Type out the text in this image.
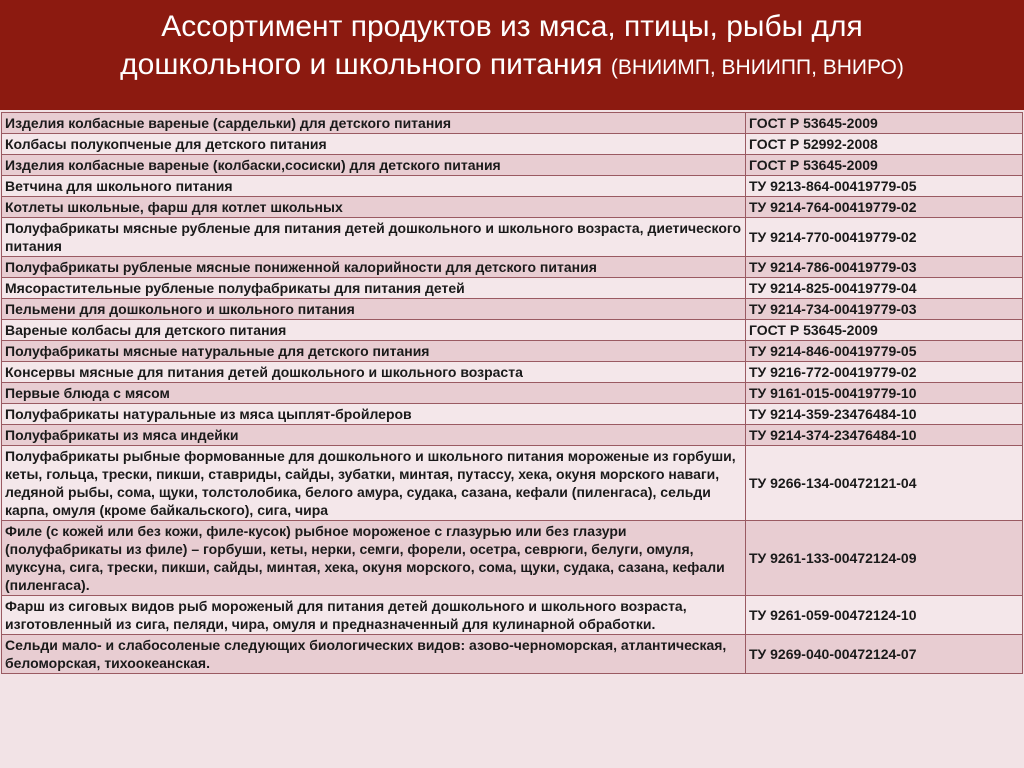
Ассортимент продуктов из мяса, птицы, рыбы для
дошкольного и школьного питания (ВНИИМП, ВНИИПП, ВНИРО)
Изделия колбасные вареные (сардельки) для детского питания	ГОСТ Р 53645-2009
Колбасы полукопченые для детского питания	ГОСТ Р 52992-2008
Изделия колбасные вареные (колбаски,сосиски) для детского питания	ГОСТ Р 53645-2009
Ветчина для школьного питания	ТУ 9213-864-00419779-05
Котлеты школьные, фарш для котлет школьных	ТУ 9214-764-00419779-02
Полуфабрикаты мясные рубленые для питания детей дошкольного и школьного возраста, диетического питания	ТУ 9214-770-00419779-02
Полуфабрикаты рубленые мясные пониженной калорийности для детского питания	ТУ 9214-786-00419779-03
Мясорастительные рубленые полуфабрикаты для питания детей	ТУ 9214-825-00419779-04
Пельмени для дошкольного и школьного питания	ТУ 9214-734-00419779-03
Вареные колбасы для детского питания	ГОСТ Р 53645-2009
Полуфабрикаты мясные натуральные для детского питания	ТУ 9214-846-00419779-05
Консервы мясные для питания детей дошкольного и школьного возраста	ТУ 9216-772-00419779-02
Первые блюда с мясом	ТУ 9161-015-00419779-10
Полуфабрикаты натуральные из мяса цыплят-бройлеров	ТУ 9214-359-23476484-10
Полуфабрикаты из мяса индейки	ТУ 9214-374-23476484-10
Полуфабрикаты рыбные формованные для дошкольного и школьного питания мороженые из горбуши, кеты, гольца, трески, пикши, ставриды, сайды, зубатки, минтая, путассу, хека, окуня морского наваги, ледяной рыбы, сома, щуки, толстолобика, белого амура, судака, сазана, кефали (пиленгаса), сельди карпа, омуля (кроме байкальского), сига, чира	ТУ 9266-134-00472121-04
Филе (с кожей или без кожи, филе-кусок) рыбное мороженое с глазурью или без глазури (полуфабрикаты из филе) – горбуши, кеты, нерки, семги, форели, осетра, севрюги, белуги, омуля, муксуна, сига, трески, пикши, сайды, минтая, хека, окуня морского, сома, щуки, судака, сазана, кефали (пиленгаса).	ТУ 9261-133-00472124-09
Фарш из сиговых видов рыб мороженый для питания детей дошкольного и школьного возраста, изготовленный из сига, пеляди, чира, омуля и предназначенный для кулинарной обработки.	ТУ 9261-059-00472124-10
Сельди мало- и слабосоленые следующих биологических видов: азово-черноморская, атлантическая, беломорская, тихоокеанская.	ТУ 9269-040-00472124-07
